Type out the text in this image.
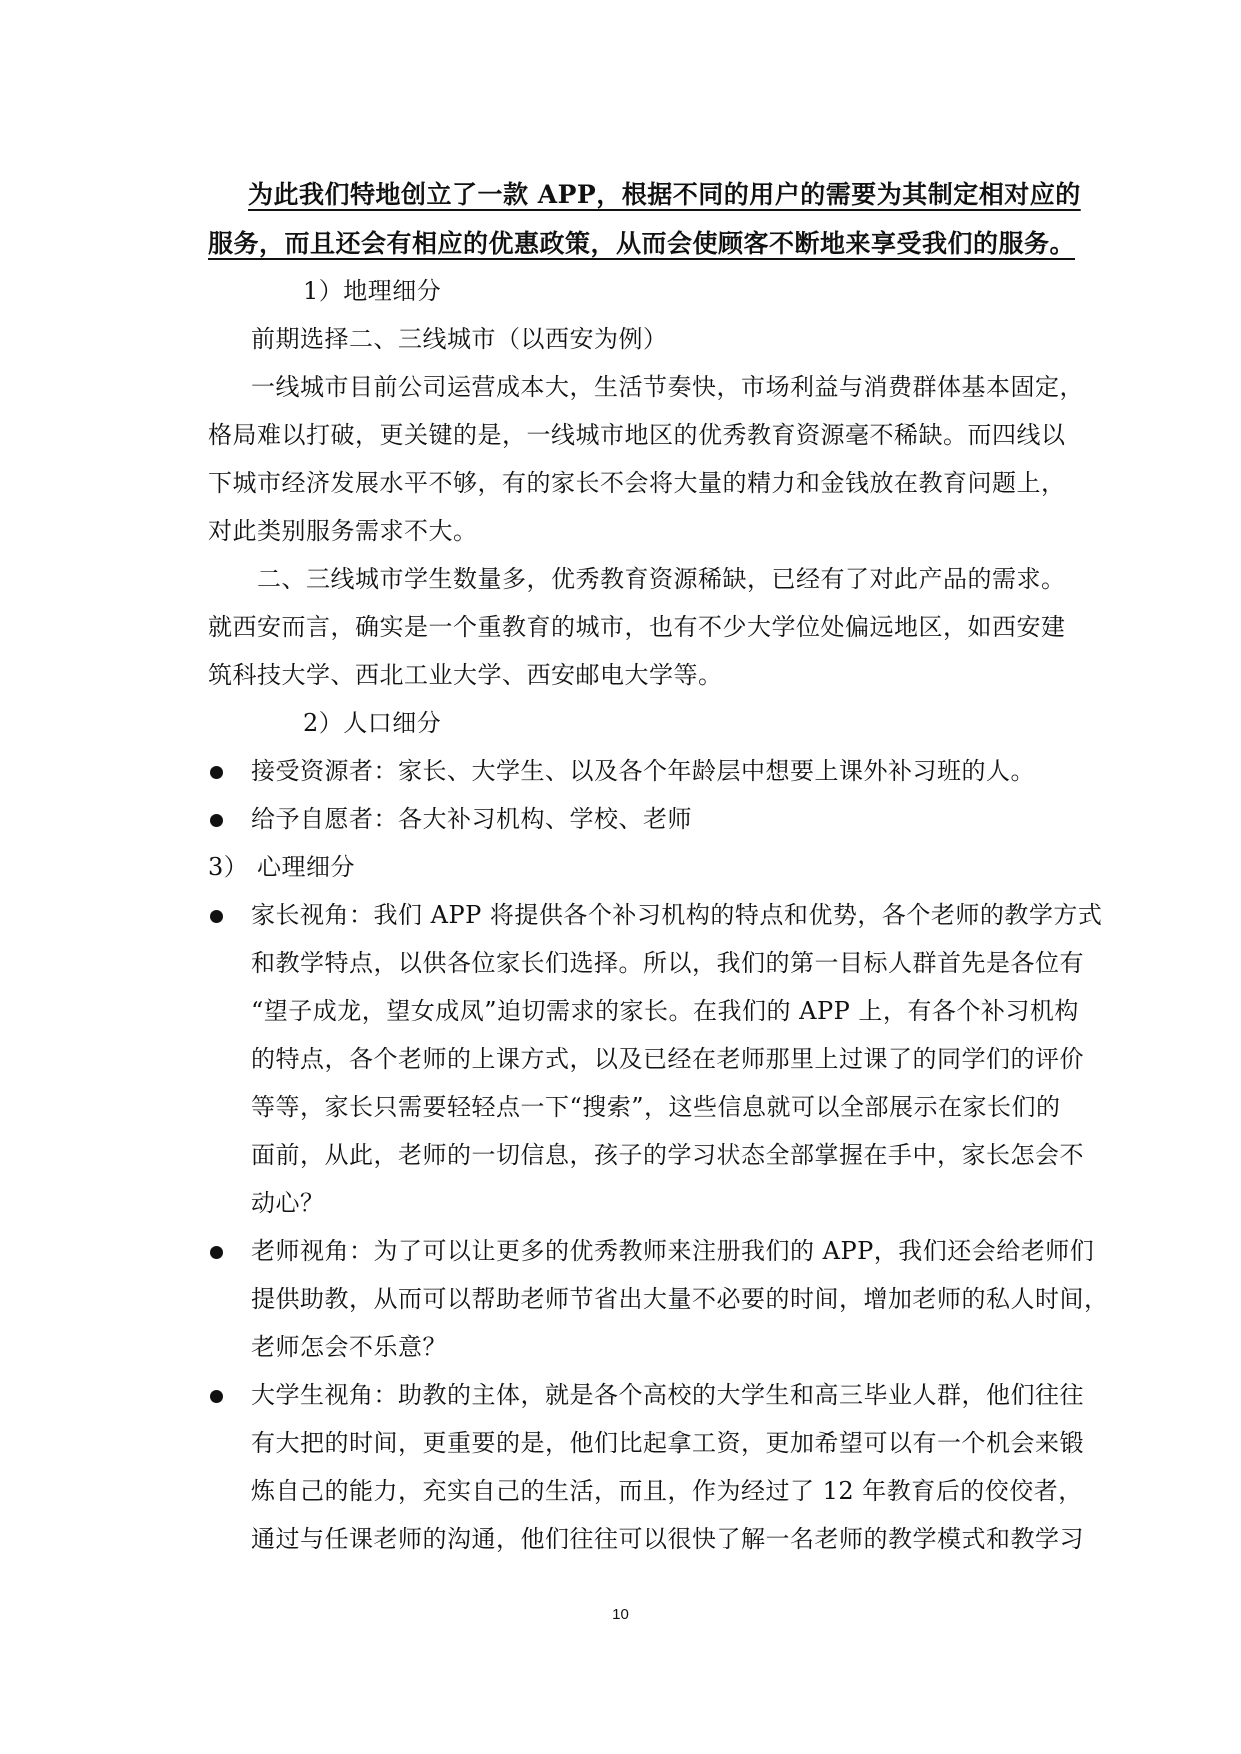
为此我们特地创立了一款 APP，根据不同的用户的需要为其制定相对应的
服务，而且还会有相应的优惠政策，从而会使顾客不断地来享受我们的服务。
1）地理细分
前期选择二、三线城市（以西安为例）
一线城市目前公司运营成本大，生活节奏快，市场利益与消费群体基本固定，
格局难以打破，更关键的是，一线城市地区的优秀教育资源毫不稀缺。而四线以
下城市经济发展水平不够，有的家长不会将大量的精力和金钱放在教育问题上，
对此类别服务需求不大。
二、三线城市学生数量多，优秀教育资源稀缺，已经有了对此产品的需求。
就西安而言，确实是一个重教育的城市，也有不少大学位处偏远地区，如西安建
筑科技大学、西北工业大学、西安邮电大学等。
2）人口细分
接受资源者：家长、大学生、以及各个年龄层中想要上课外补习班的人。
给予自愿者：各大补习机构、学校、老师
3） 心理细分
家长视角：我们 APP 将提供各个补习机构的特点和优势，各个老师的教学方式
和教学特点，以供各位家长们选择。所以，我们的第一目标人群首先是各位有
“望子成龙，望女成凤”迫切需求的家长。在我们的 APP 上，有各个补习机构
的特点，各个老师的上课方式，以及已经在老师那里上过课了的同学们的评价
等等，家长只需要轻轻点一下“搜索”，这些信息就可以全部展示在家长们的
面前，从此，老师的一切信息，孩子的学习状态全部掌握在手中，家长怎会不
动心？
老师视角：为了可以让更多的优秀教师来注册我们的 APP，我们还会给老师们
提供助教，从而可以帮助老师节省出大量不必要的时间，增加老师的私人时间，
老师怎会不乐意？
大学生视角：助教的主体，就是各个高校的大学生和高三毕业人群，他们往往
有大把的时间，更重要的是，他们比起拿工资，更加希望可以有一个机会来锻
炼自己的能力，充实自己的生活，而且，作为经过了 12 年教育后的佼佼者，
通过与任课老师的沟通，他们往往可以很快了解一名老师的教学模式和教学习
10
